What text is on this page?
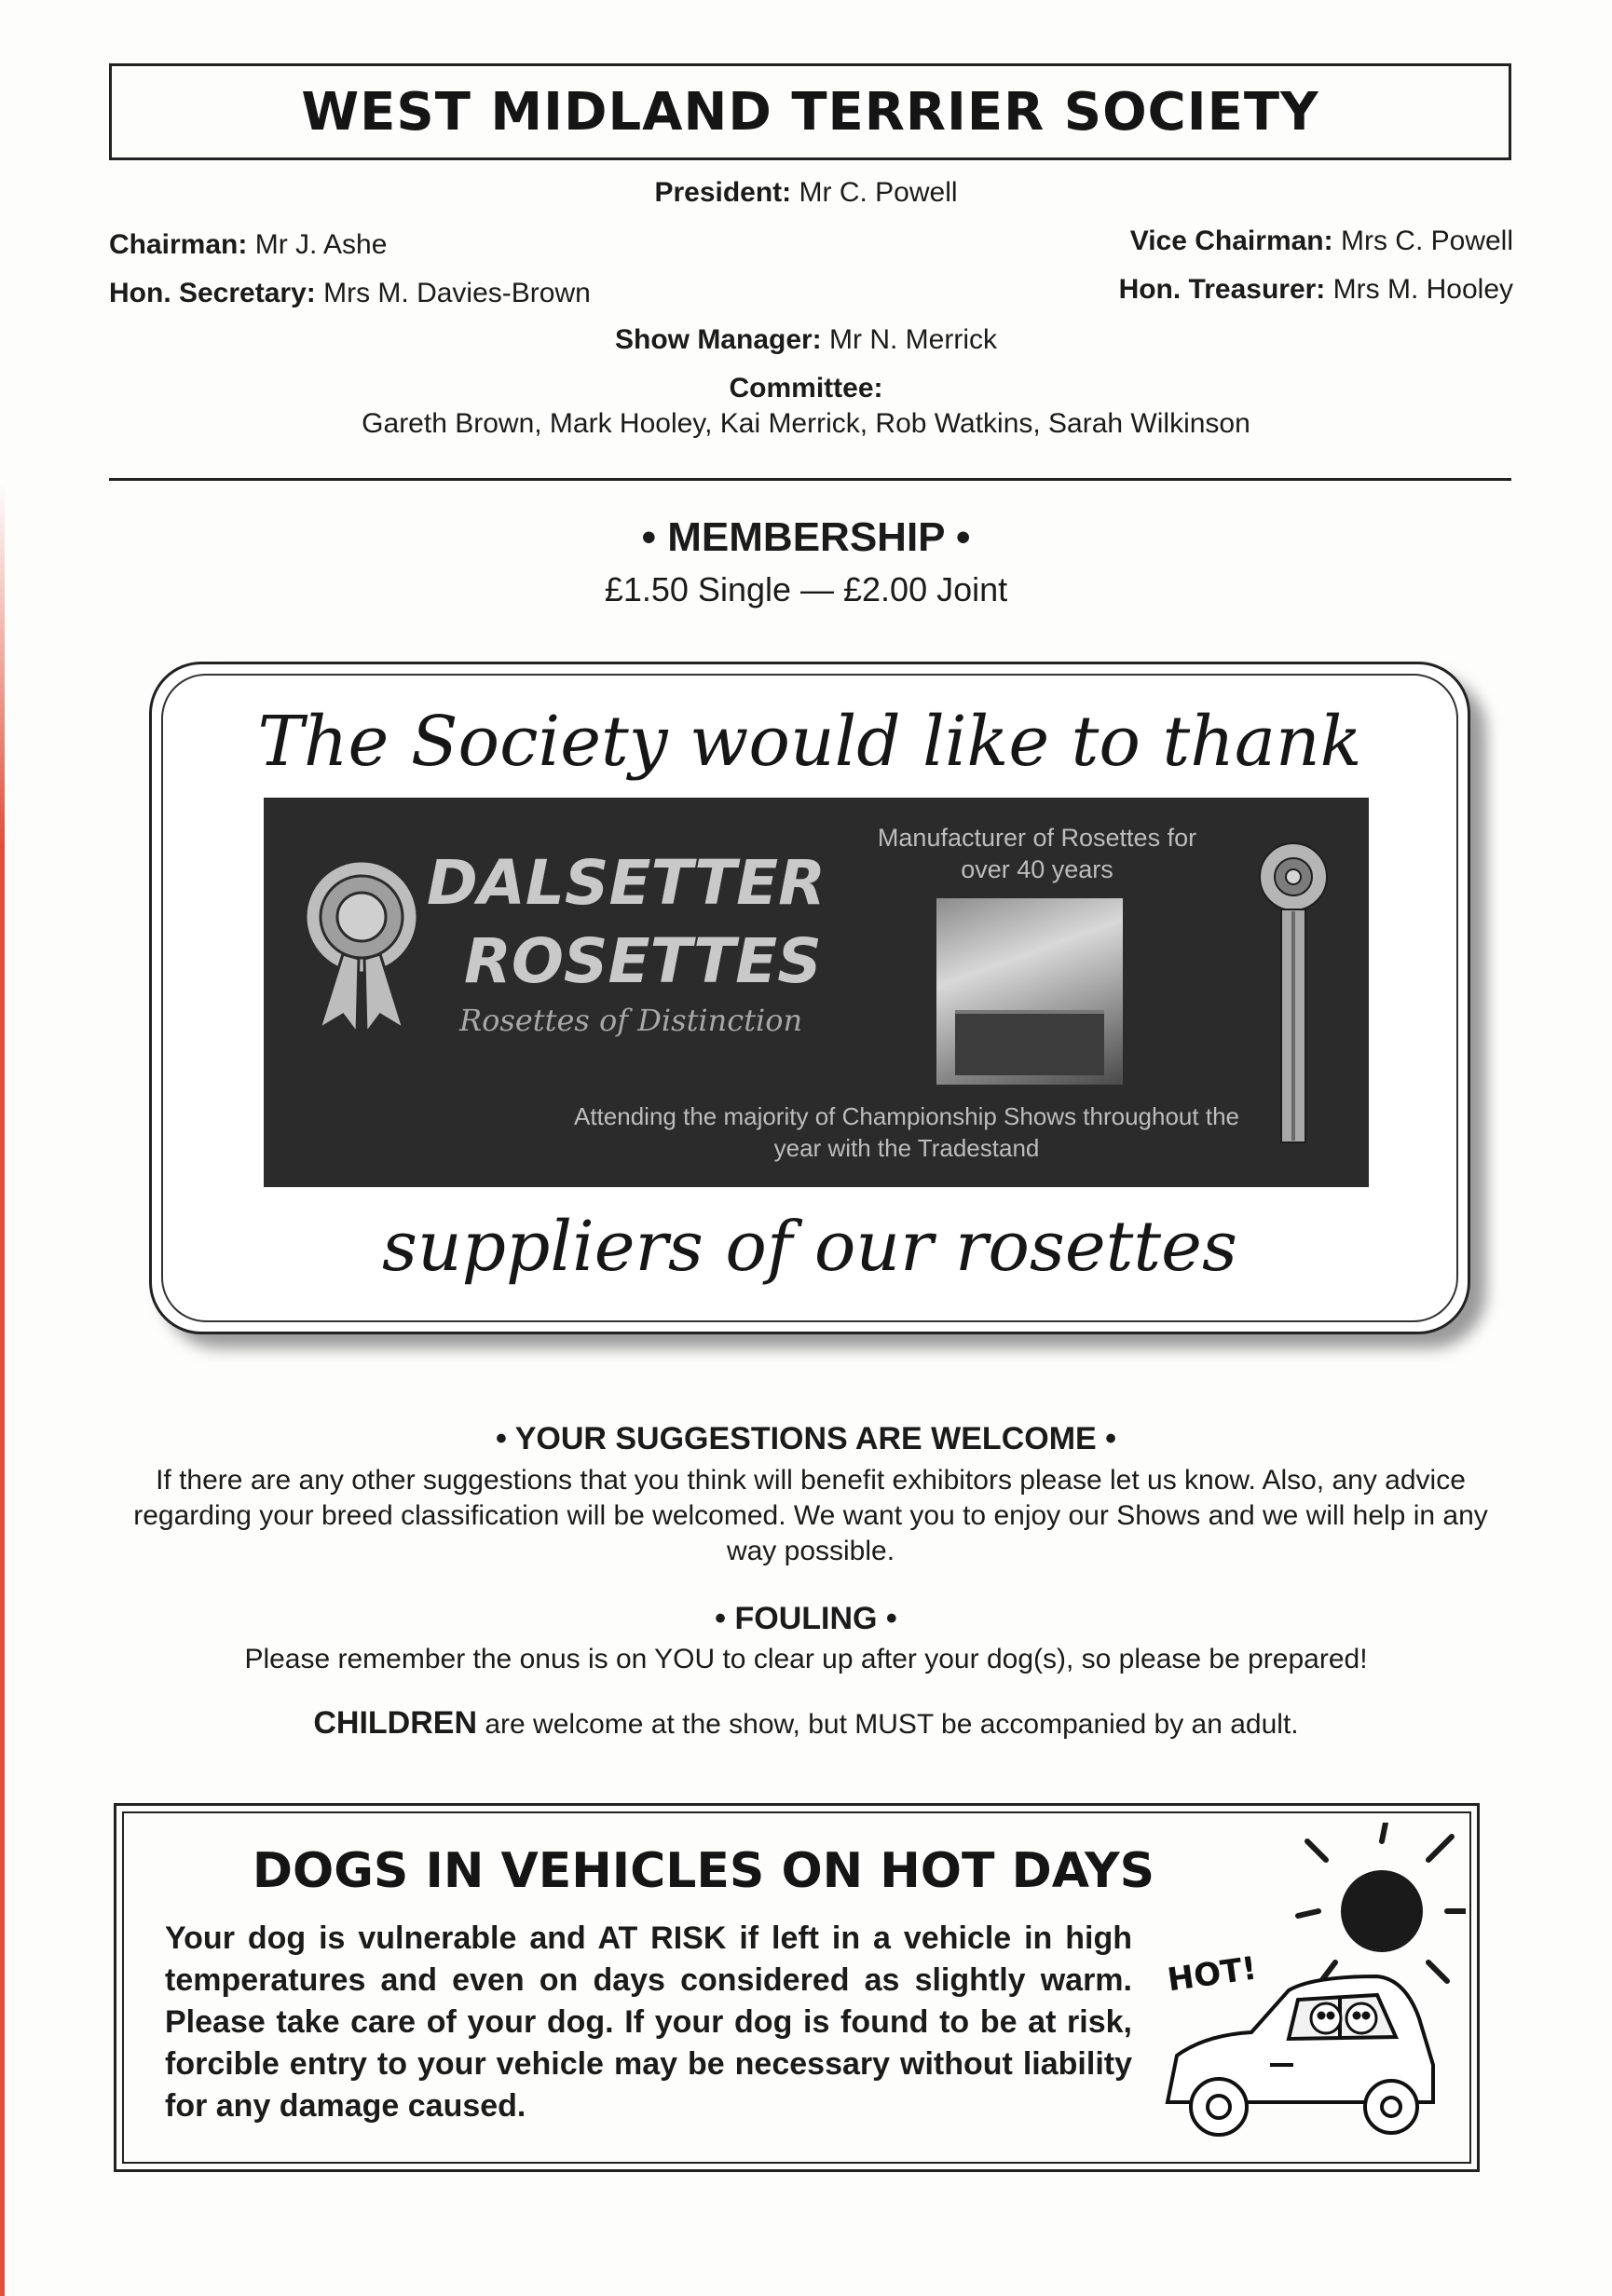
WEST MIDLAND TERRIER SOCIETY
President: Mr C. Powell
Chairman: Mr J. Ashe	Vice Chairman: Mrs C. Powell
Hon. Secretary: Mrs M. Davies-Brown	Hon. Treasurer: Mrs M. Hooley
Show Manager: Mr N. Merrick
Committee:
Gareth Brown, Mark Hooley, Kai Merrick, Rob Watkins, Sarah Wilkinson
• MEMBERSHIP •
£1.50 Single — £2.00 Joint
The Society would like to thank
DALSETTER
ROSETTES
Rosettes of Distinction
Manufacturer of Rosettes for
over 40 years
Attending the majority of Championship Shows throughout the
year with the Tradestand
suppliers of our rosettes
• YOUR SUGGESTIONS ARE WELCOME •
If there are any other suggestions that you think will benefit exhibitors please let us know. Also, any advice regarding your breed classification will be welcomed. We want you to enjoy our Shows and we will help in any way possible.
• FOULING •
Please remember the onus is on YOU to clear up after your dog(s), so please be prepared!
CHILDREN are welcome at the show, but MUST be accompanied by an adult.
DOGS IN VEHICLES ON HOT DAYS
Your dog is vulnerable and AT RISK if left in a vehicle in high temperatures and even on days considered as slightly warm. Please take care of your dog. If your dog is found to be at risk, forcible entry to your vehicle may be necessary without liability for any damage caused.
HOT!
